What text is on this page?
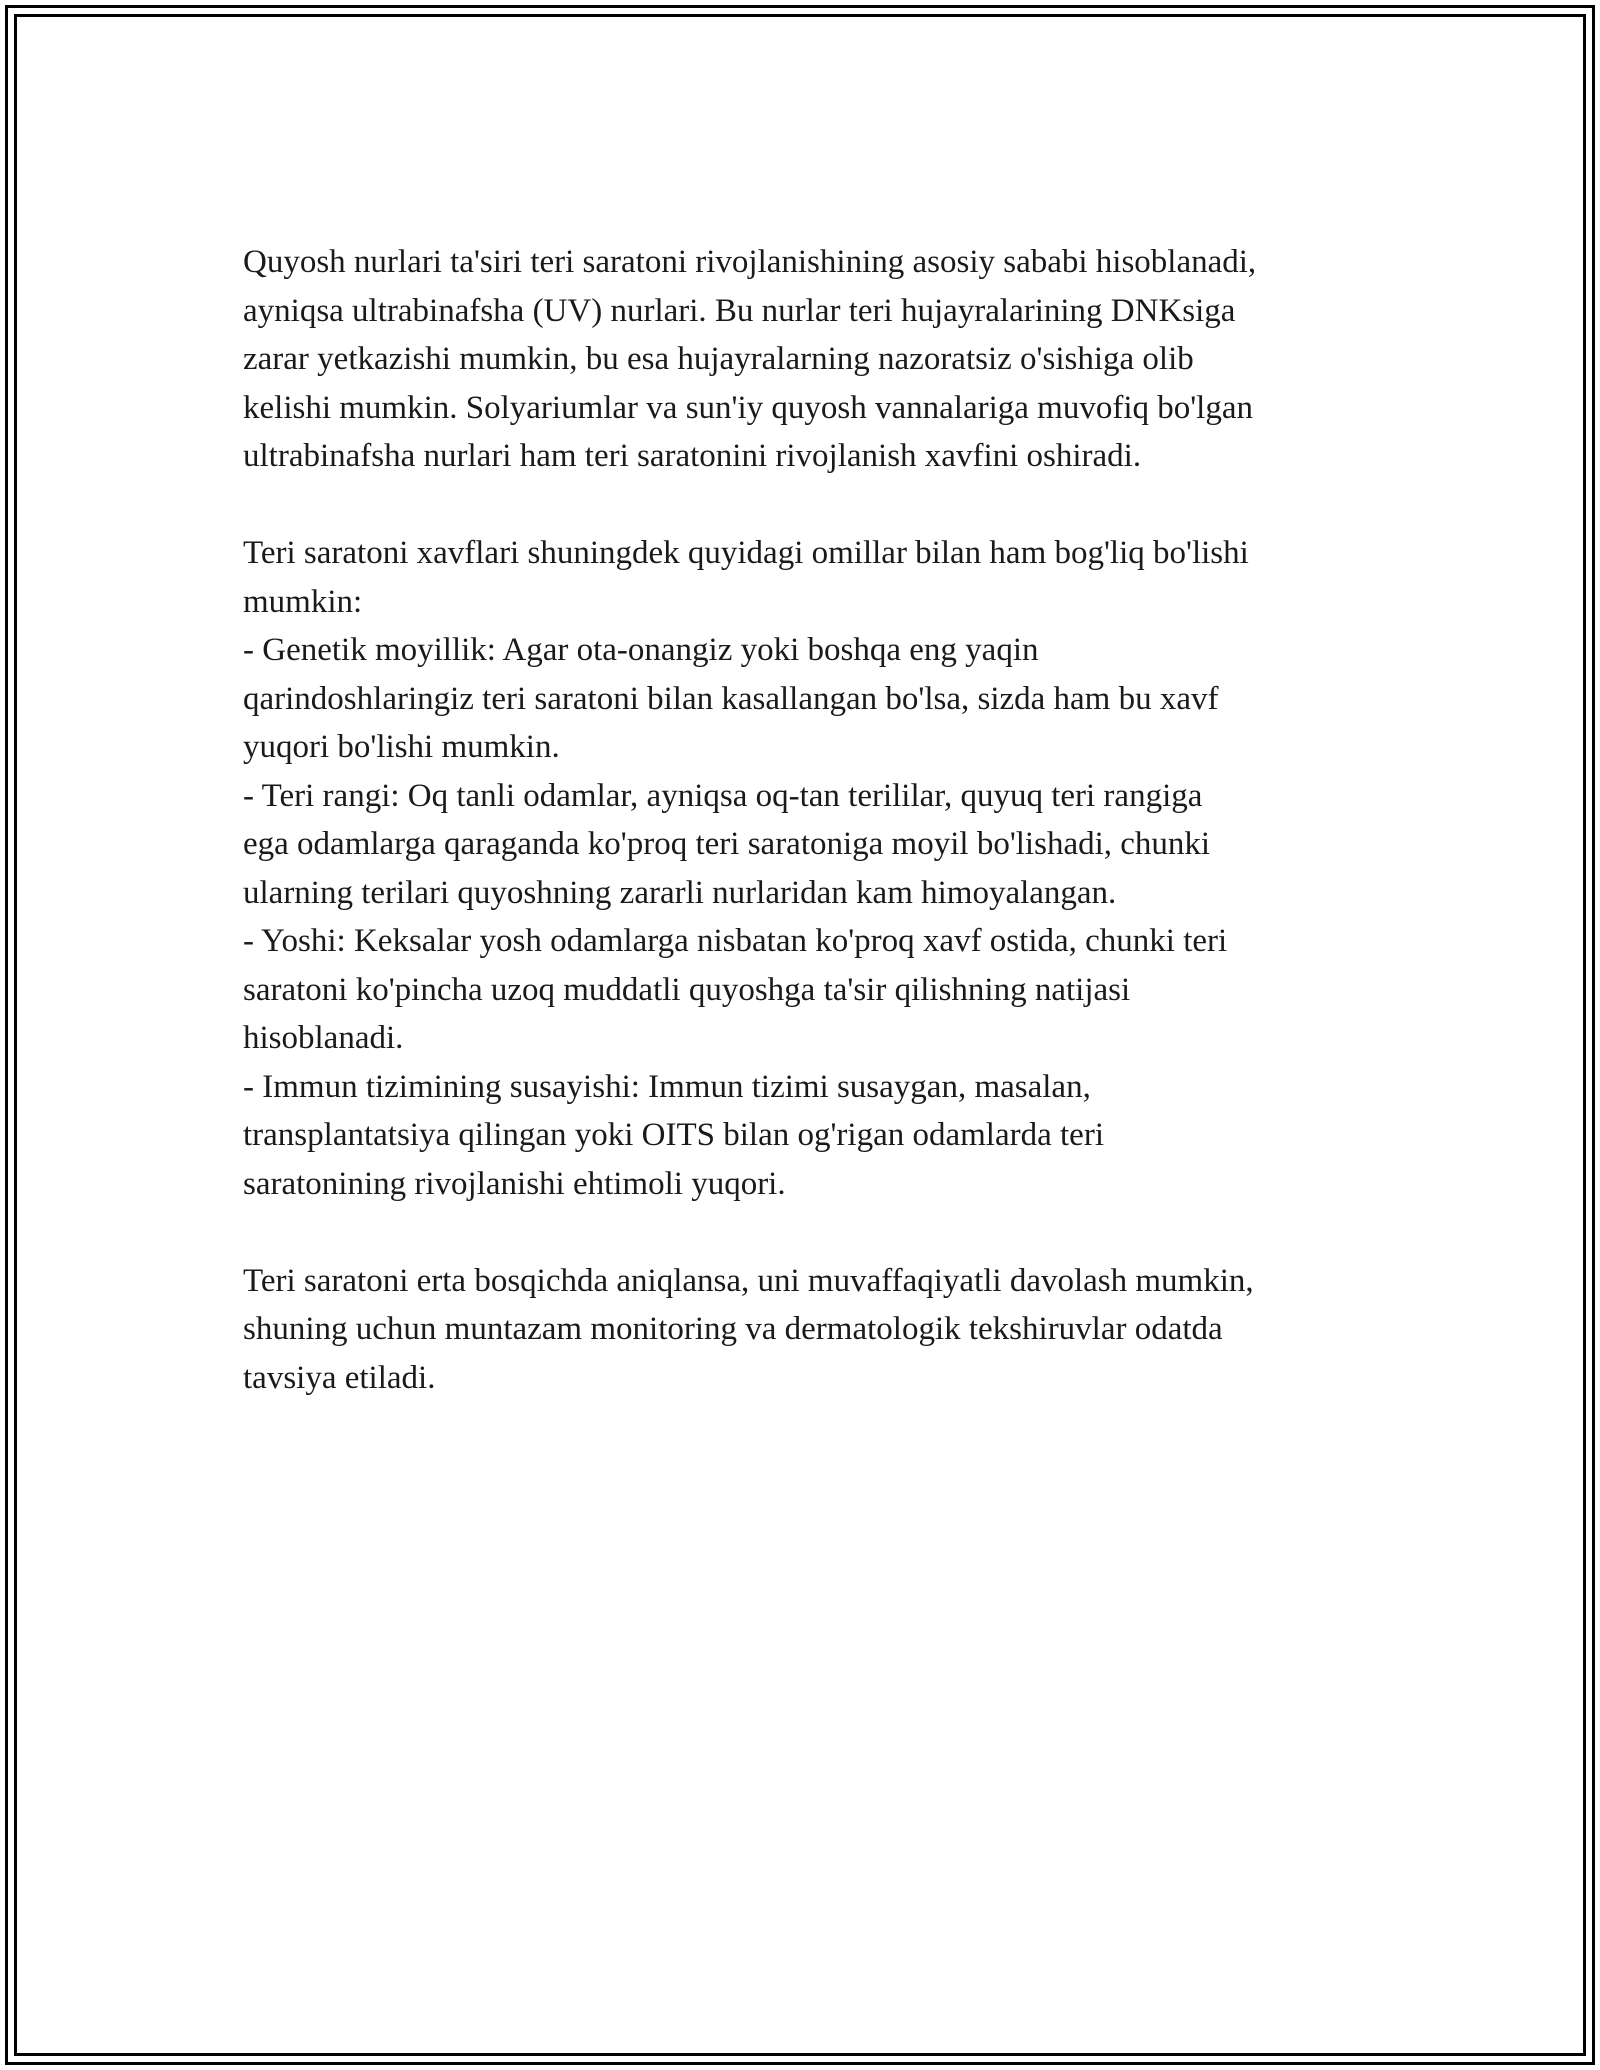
Quyosh nurlari ta'siri teri saratoni rivojlanishining asosiy sababi hisoblanadi,
ayniqsa ultrabinafsha (UV) nurlari. Bu nurlar teri hujayralarining DNKsiga
zarar yetkazishi mumkin, bu esa hujayralarning nazoratsiz o'sishiga olib
kelishi mumkin. Solyariumlar va sun'iy quyosh vannalariga muvofiq bo'lgan
ultrabinafsha nurlari ham teri saratonini rivojlanish xavfini oshiradi.

Teri saratoni xavflari shuningdek quyidagi omillar bilan ham bog'liq bo'lishi
mumkin:
- Genetik moyillik: Agar ota-onangiz yoki boshqa eng yaqin
qarindoshlaringiz teri saratoni bilan kasallangan bo'lsa, sizda ham bu xavf
yuqori bo'lishi mumkin.
- Teri rangi: Oq tanli odamlar, ayniqsa oq-tan terililar, quyuq teri rangiga
ega odamlarga qaraganda ko'proq teri saratoniga moyil bo'lishadi, chunki
ularning terilari quyoshning zararli nurlaridan kam himoyalangan.
- Yoshi: Keksalar yosh odamlarga nisbatan ko'proq xavf ostida, chunki teri
saratoni ko'pincha uzoq muddatli quyoshga ta'sir qilishning natijasi
hisoblanadi.
- Immun tizimining susayishi: Immun tizimi susaygan, masalan,
transplantatsiya qilingan yoki OITS bilan og'rigan odamlarda teri
saratonining rivojlanishi ehtimoli yuqori.

Teri saratoni erta bosqichda aniqlansa, uni muvaffaqiyatli davolash mumkin,
shuning uchun muntazam monitoring va dermatologik tekshiruvlar odatda
tavsiya etiladi.
